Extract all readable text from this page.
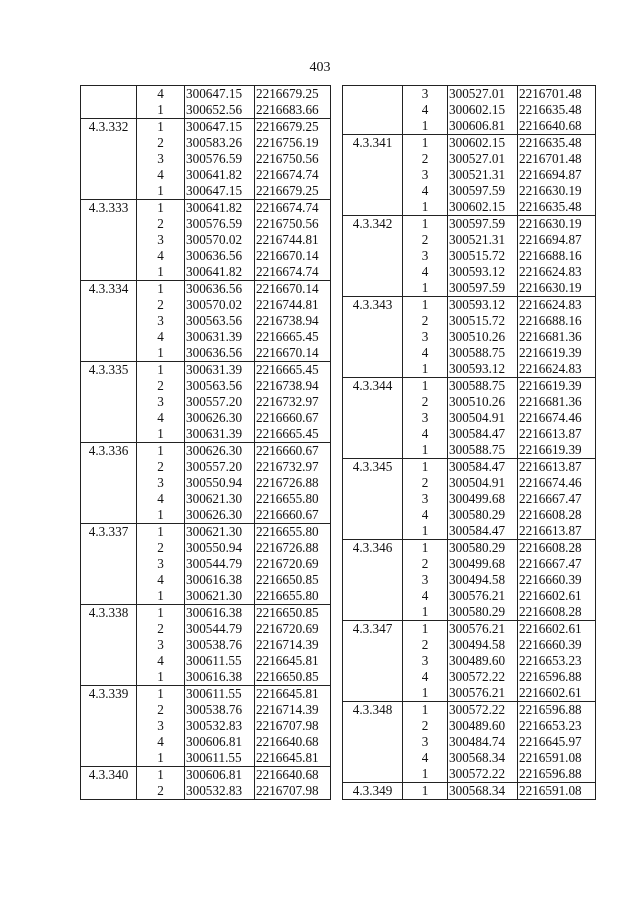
403
	4	300647.15	2216679.25
	1	300652.56	2216683.66
4.3.332	1	300647.15	2216679.25
	2	300583.26	2216756.19
	3	300576.59	2216750.56
	4	300641.82	2216674.74
	1	300647.15	2216679.25
4.3.333	1	300641.82	2216674.74
	2	300576.59	2216750.56
	3	300570.02	2216744.81
	4	300636.56	2216670.14
	1	300641.82	2216674.74
4.3.334	1	300636.56	2216670.14
	2	300570.02	2216744.81
	3	300563.56	2216738.94
	4	300631.39	2216665.45
	1	300636.56	2216670.14
4.3.335	1	300631.39	2216665.45
	2	300563.56	2216738.94
	3	300557.20	2216732.97
	4	300626.30	2216660.67
	1	300631.39	2216665.45
4.3.336	1	300626.30	2216660.67
	2	300557.20	2216732.97
	3	300550.94	2216726.88
	4	300621.30	2216655.80
	1	300626.30	2216660.67
4.3.337	1	300621.30	2216655.80
	2	300550.94	2216726.88
	3	300544.79	2216720.69
	4	300616.38	2216650.85
	1	300621.30	2216655.80
4.3.338	1	300616.38	2216650.85
	2	300544.79	2216720.69
	3	300538.76	2216714.39
	4	300611.55	2216645.81
	1	300616.38	2216650.85
4.3.339	1	300611.55	2216645.81
	2	300538.76	2216714.39
	3	300532.83	2216707.98
	4	300606.81	2216640.68
	1	300611.55	2216645.81
4.3.340	1	300606.81	2216640.68
	2	300532.83	2216707.98
	3	300527.01	2216701.48
	4	300602.15	2216635.48
	1	300606.81	2216640.68
4.3.341	1	300602.15	2216635.48
	2	300527.01	2216701.48
	3	300521.31	2216694.87
	4	300597.59	2216630.19
	1	300602.15	2216635.48
4.3.342	1	300597.59	2216630.19
	2	300521.31	2216694.87
	3	300515.72	2216688.16
	4	300593.12	2216624.83
	1	300597.59	2216630.19
4.3.343	1	300593.12	2216624.83
	2	300515.72	2216688.16
	3	300510.26	2216681.36
	4	300588.75	2216619.39
	1	300593.12	2216624.83
4.3.344	1	300588.75	2216619.39
	2	300510.26	2216681.36
	3	300504.91	2216674.46
	4	300584.47	2216613.87
	1	300588.75	2216619.39
4.3.345	1	300584.47	2216613.87
	2	300504.91	2216674.46
	3	300499.68	2216667.47
	4	300580.29	2216608.28
	1	300584.47	2216613.87
4.3.346	1	300580.29	2216608.28
	2	300499.68	2216667.47
	3	300494.58	2216660.39
	4	300576.21	2216602.61
	1	300580.29	2216608.28
4.3.347	1	300576.21	2216602.61
	2	300494.58	2216660.39
	3	300489.60	2216653.23
	4	300572.22	2216596.88
	1	300576.21	2216602.61
4.3.348	1	300572.22	2216596.88
	2	300489.60	2216653.23
	3	300484.74	2216645.97
	4	300568.34	2216591.08
	1	300572.22	2216596.88
4.3.349	1	300568.34	2216591.08
